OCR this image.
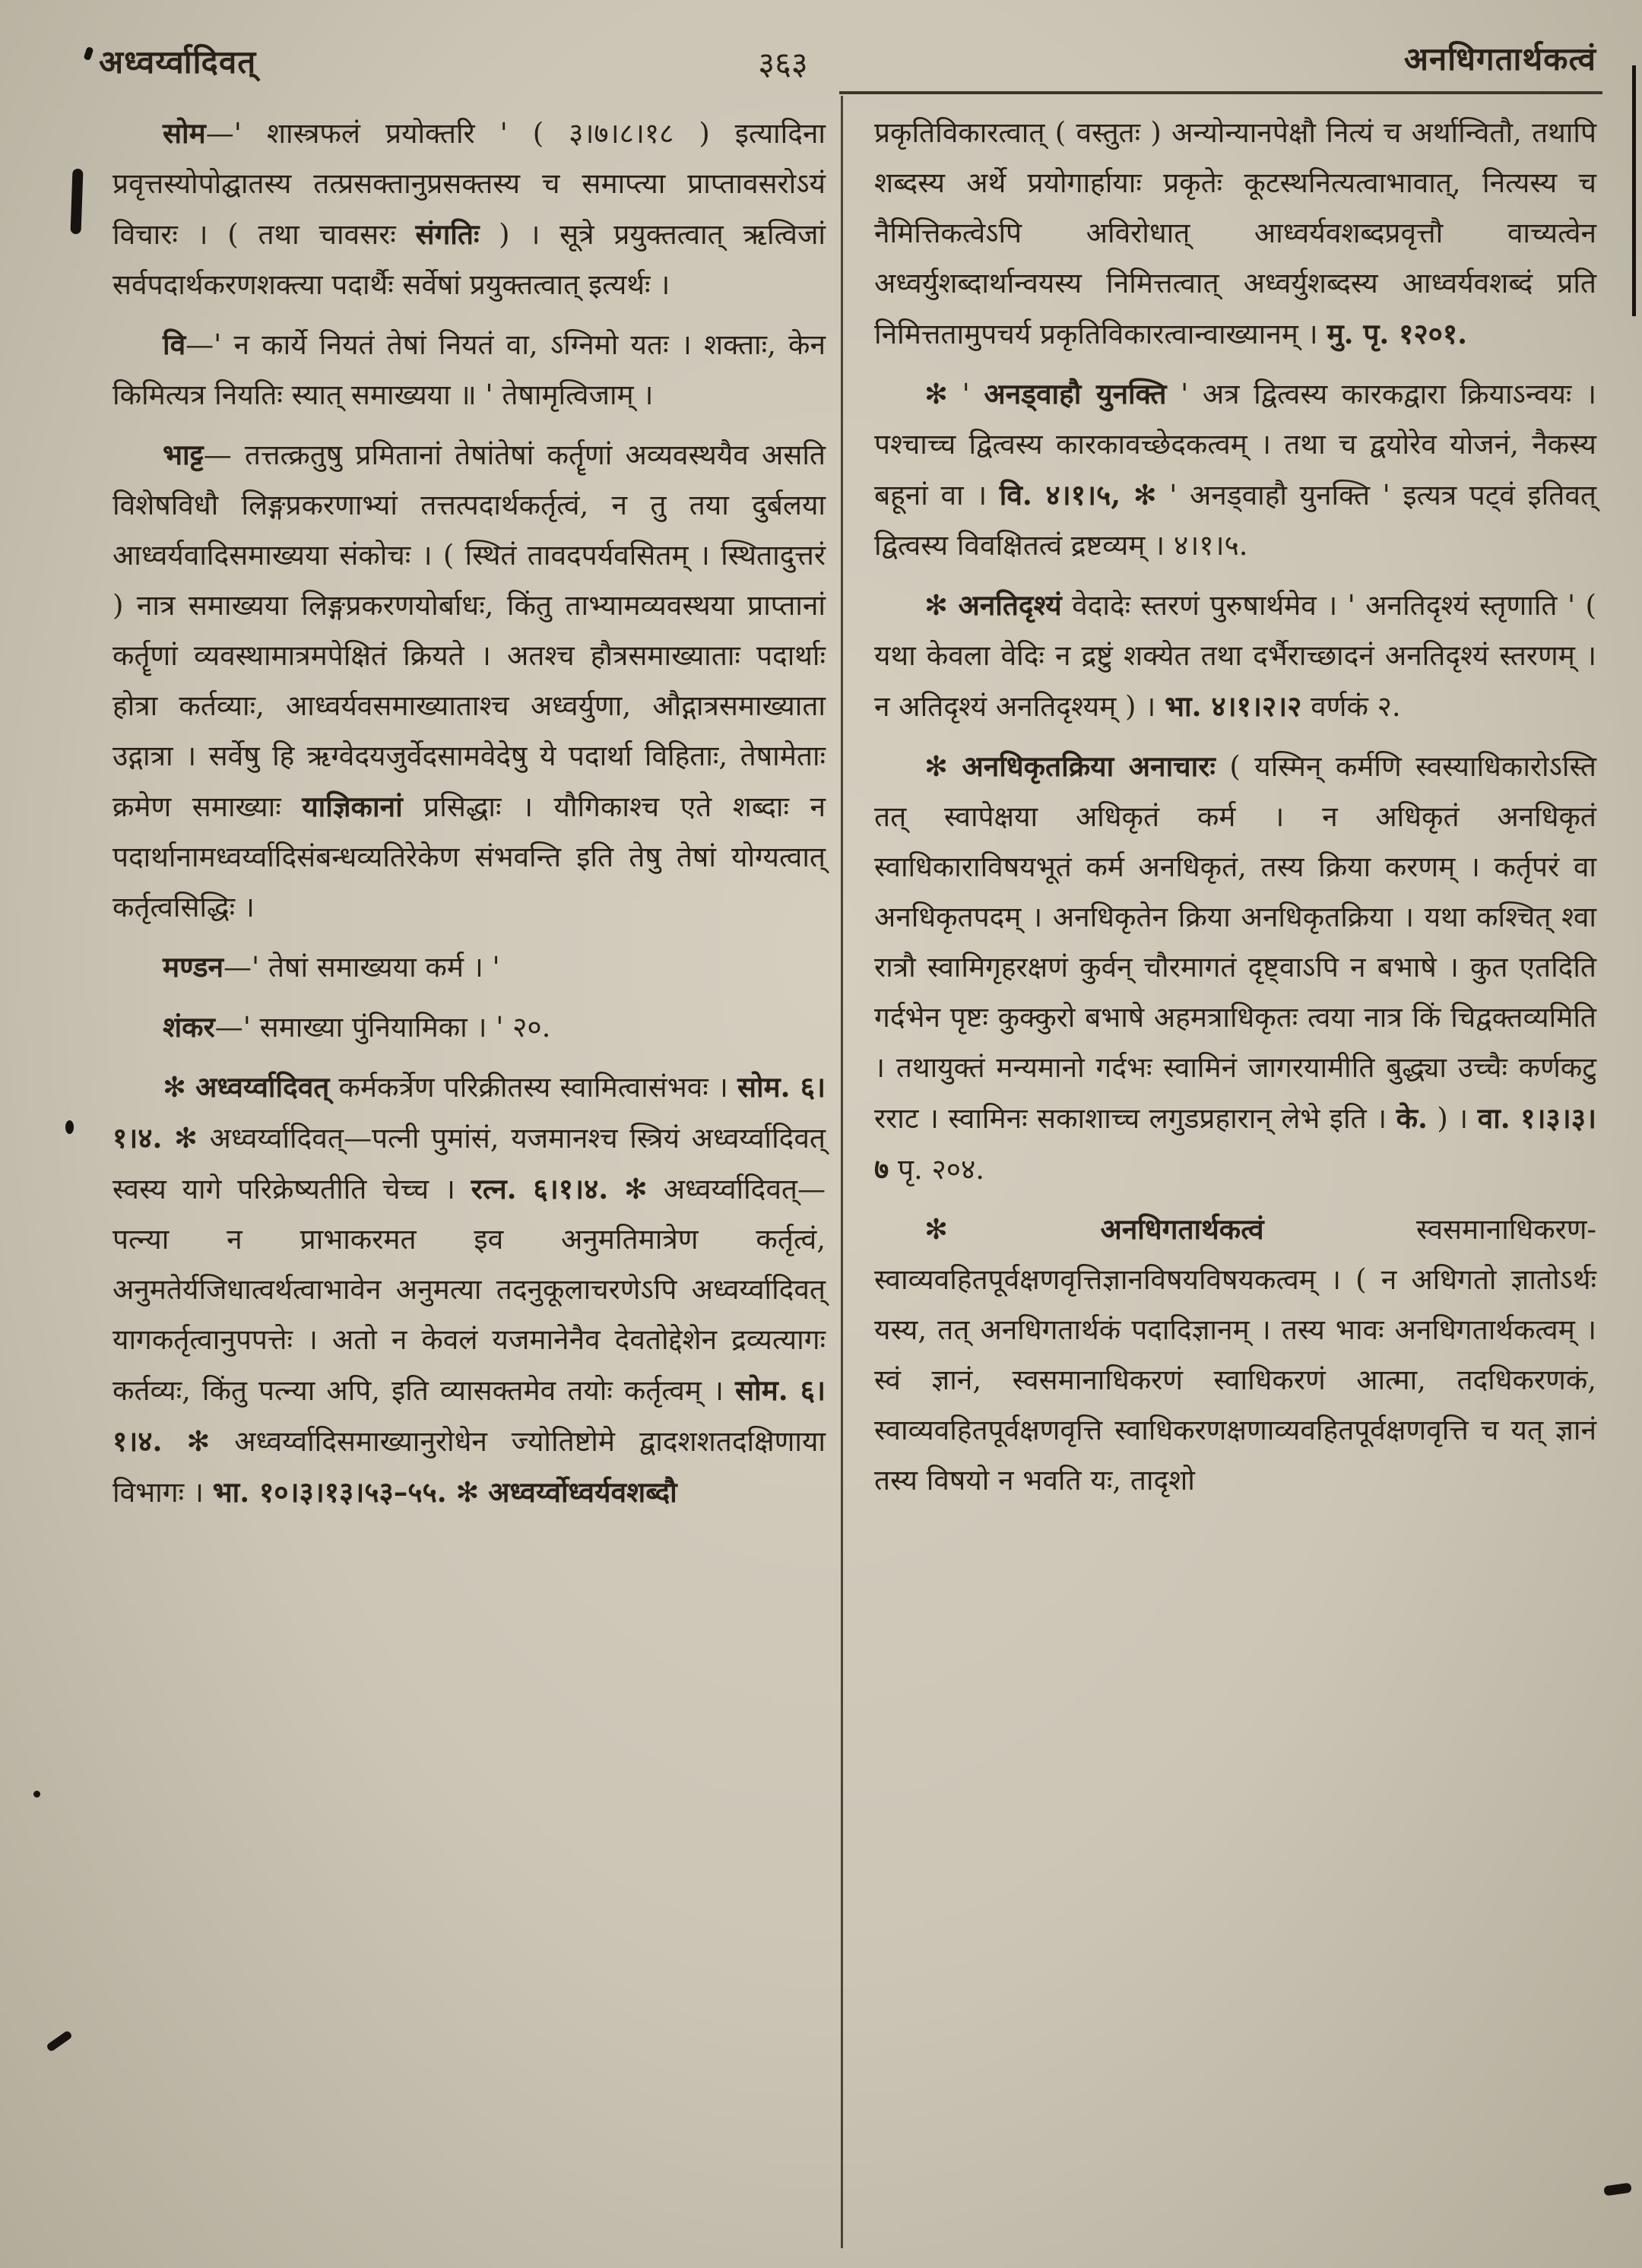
अध्वर्य्वादिवत्	३६३	अनधिगतार्थकत्वं

सोम—' शास्त्रफलं प्रयोक्तरि ' ( ३।७।८।१८ ) इत्यादिना प्रवृत्तस्योपोद्घातस्य तत्प्रसक्तानुप्रसक्तस्य च समाप्त्या प्राप्तावसरोऽयं विचारः । ( तथा चावसरः संगतिः ) । सूत्रे प्रयुक्तत्वात् ऋत्विजां सर्वपदार्थकरणशक्त्या पदार्थैः सर्वेषां प्रयुक्तत्वात् इत्यर्थः ।

वि—' न कार्ये नियतं तेषां नियतं वा, ऽग्निमो यतः । शक्ताः, केन किमित्यत्र नियतिः स्यात् समाख्यया ॥ ' तेषामृत्विजाम् ।

भाट्ट— तत्तत्क्रतुषु प्रमितानां तेषांतेषां कर्तॄणां अव्यवस्थयैव असति विशेषविधौ लिङ्गप्रकरणाभ्यां तत्तत्पदार्थकर्तृत्वं, न तु तया दुर्बलया आध्वर्यवादिसमाख्यया संकोचः । ( स्थितं तावदपर्यवसितम् । स्थितादुत्तरं ) नात्र समाख्यया लिङ्गप्रकरणयोर्बाधः, किंतु ताभ्यामव्यवस्थया प्राप्तानां कर्तॄणां व्यवस्थामात्रमपेक्षितं क्रियते । अतश्च हौत्रसमाख्याताः पदार्थाः होत्रा कर्तव्याः, आध्वर्यवसमाख्याताश्च अध्वर्युणा, औद्गात्रसमाख्याता उद्गात्रा । सर्वेषु हि ऋग्वेदयजुर्वेदसामवेदेषु ये पदार्था विहिताः, तेषामेताः क्रमेण समाख्याः याज्ञिकानां प्रसिद्धाः । यौगिकाश्च एते शब्दाः न पदार्थानामध्वर्य्वादिसंबन्धव्यतिरेकेण संभवन्ति इति तेषु तेषां योग्यत्वात् कर्तृत्वसिद्धिः ।

मण्डन—' तेषां समाख्यया कर्म । '

शंकर—' समाख्या पुंनियामिका । ' २०.

✻ अध्वर्य्वादिवत् कर्मकर्त्रेण परिक्रीतस्य स्वामित्वासंभवः । सोम. ६।१।४. ✻ अध्वर्य्वादिवत्—पत्नी पुमांसं, यजमानश्च स्त्रियं अध्वर्य्वादिवत् स्वस्य यागे परिक्रेष्यतीति चेच्च । रत्न. ६।१।४. ✻ अध्वर्य्वादिवत्—पत्न्या न प्राभाकरमत इव अनुमतिमात्रेण कर्तृत्वं, अनुमतेर्यजिधात्वर्थत्वाभावेन अनुमत्या तदनुकूलाचरणेऽपि अध्वर्य्वादिवत् यागकर्तृत्वानुपपत्तेः । अतो न केवलं यजमानेनैव देवतोद्देशेन द्रव्यत्यागः कर्तव्यः, किंतु पत्न्या अपि, इति व्यासक्तमेव तयोः कर्तृत्वम् । सोम. ६।१।४. ✻ अध्वर्य्वादिसमाख्यानुरोधेन ज्योतिष्टोमे द्वादशशतदक्षिणाया विभागः । भा. १०।३।१३।५३–५५. ✻ अध्वर्य्वोध्वर्यवशब्दौ

प्रकृतिविकारत्वात् ( वस्तुतः ) अन्योन्यानपेक्षौ नित्यं च अर्थान्वितौ, तथापि शब्दस्य अर्थे प्रयोगार्हायाः प्रकृतेः कूटस्थनित्यत्वाभावात्, नित्यस्य च नैमित्तिकत्वेऽपि अविरोधात् आध्वर्यवशब्दप्रवृत्तौ वाच्यत्वेन अध्वर्युशब्दार्थान्वयस्य निमित्तत्वात् अध्वर्युशब्दस्य आध्वर्यवशब्दं प्रति निमित्ततामुपचर्य प्रकृतिविकारत्वान्वाख्यानम् । मु. पृ. १२०१.

✻ ' अनड्वाहौ युनक्ति ' अत्र द्वित्वस्य कारकद्वारा क्रियाऽन्वयः । पश्चाच्च द्वित्वस्य कारकावच्छेदकत्वम् । तथा च द्वयोरेव योजनं, नैकस्य बहूनां वा । वि. ४।१।५, ✻ ' अनड्वाहौ युनक्ति ' इत्यत्र पट्वं इतिवत् द्वित्वस्य विवक्षितत्वं द्रष्टव्यम् । ४।१।५.

✻ अनतिदृश्यं वेदादेः स्तरणं पुरुषार्थमेव । ' अनतिदृश्यं स्तृणाति ' ( यथा केवला वेदिः न द्रष्टुं शक्येत तथा दर्भैराच्छादनं अनतिदृश्यं स्तरणम् । न अतिदृश्यं अनतिदृश्यम् ) । भा. ४।१।२।२ वर्णकं २.

✻ अनधिकृतक्रिया अनाचारः ( यस्मिन् कर्मणि स्वस्याधिकारोऽस्ति तत् स्वापेक्षया अधिकृतं कर्म । न अधिकृतं अनधिकृतं स्वाधिकाराविषयभूतं कर्म अनधिकृतं, तस्य क्रिया करणम् । कर्तृपरं वा अनधिकृतपदम् । अनधिकृतेन क्रिया अनधिकृतक्रिया । यथा कश्चित् श्वा रात्रौ स्वामिगृहरक्षणं कुर्वन् चौरमागतं दृष्ट्वाऽपि न बभाषे । कुत एतदिति गर्दभेन पृष्टः कुक्कुरो बभाषे अहमत्राधिकृतः त्वया नात्र किं चिद्वक्तव्यमिति । तथायुक्तं मन्यमानो गर्दभः स्वामिनं जागरयामीति बुद्ध्या उच्चैः कर्णकटु रराट । स्वामिनः सकाशाच्च लगुडप्रहारान् लेभे इति । के. ) । वा. १।३।३।७ पृ. २०४.

✻ अनधिगतार्थकत्वं स्वसमानाधिकरण-स्वाव्यवहितपूर्वक्षणवृत्तिज्ञानविषयविषयकत्वम् । ( न अधिगतो ज्ञातोऽर्थः यस्य, तत् अनधिगतार्थकं पदादिज्ञानम् । तस्य भावः अनधिगतार्थकत्वम् । स्वं ज्ञानं, स्वसमानाधिकरणं स्वाधिकरणं आत्मा, तदधिकरणकं, स्वाव्यवहितपूर्वक्षणवृत्ति स्वाधिकरणक्षणाव्यवहितपूर्वक्षणवृत्ति च यत् ज्ञानं तस्य विषयो न भवति यः, तादृशो
